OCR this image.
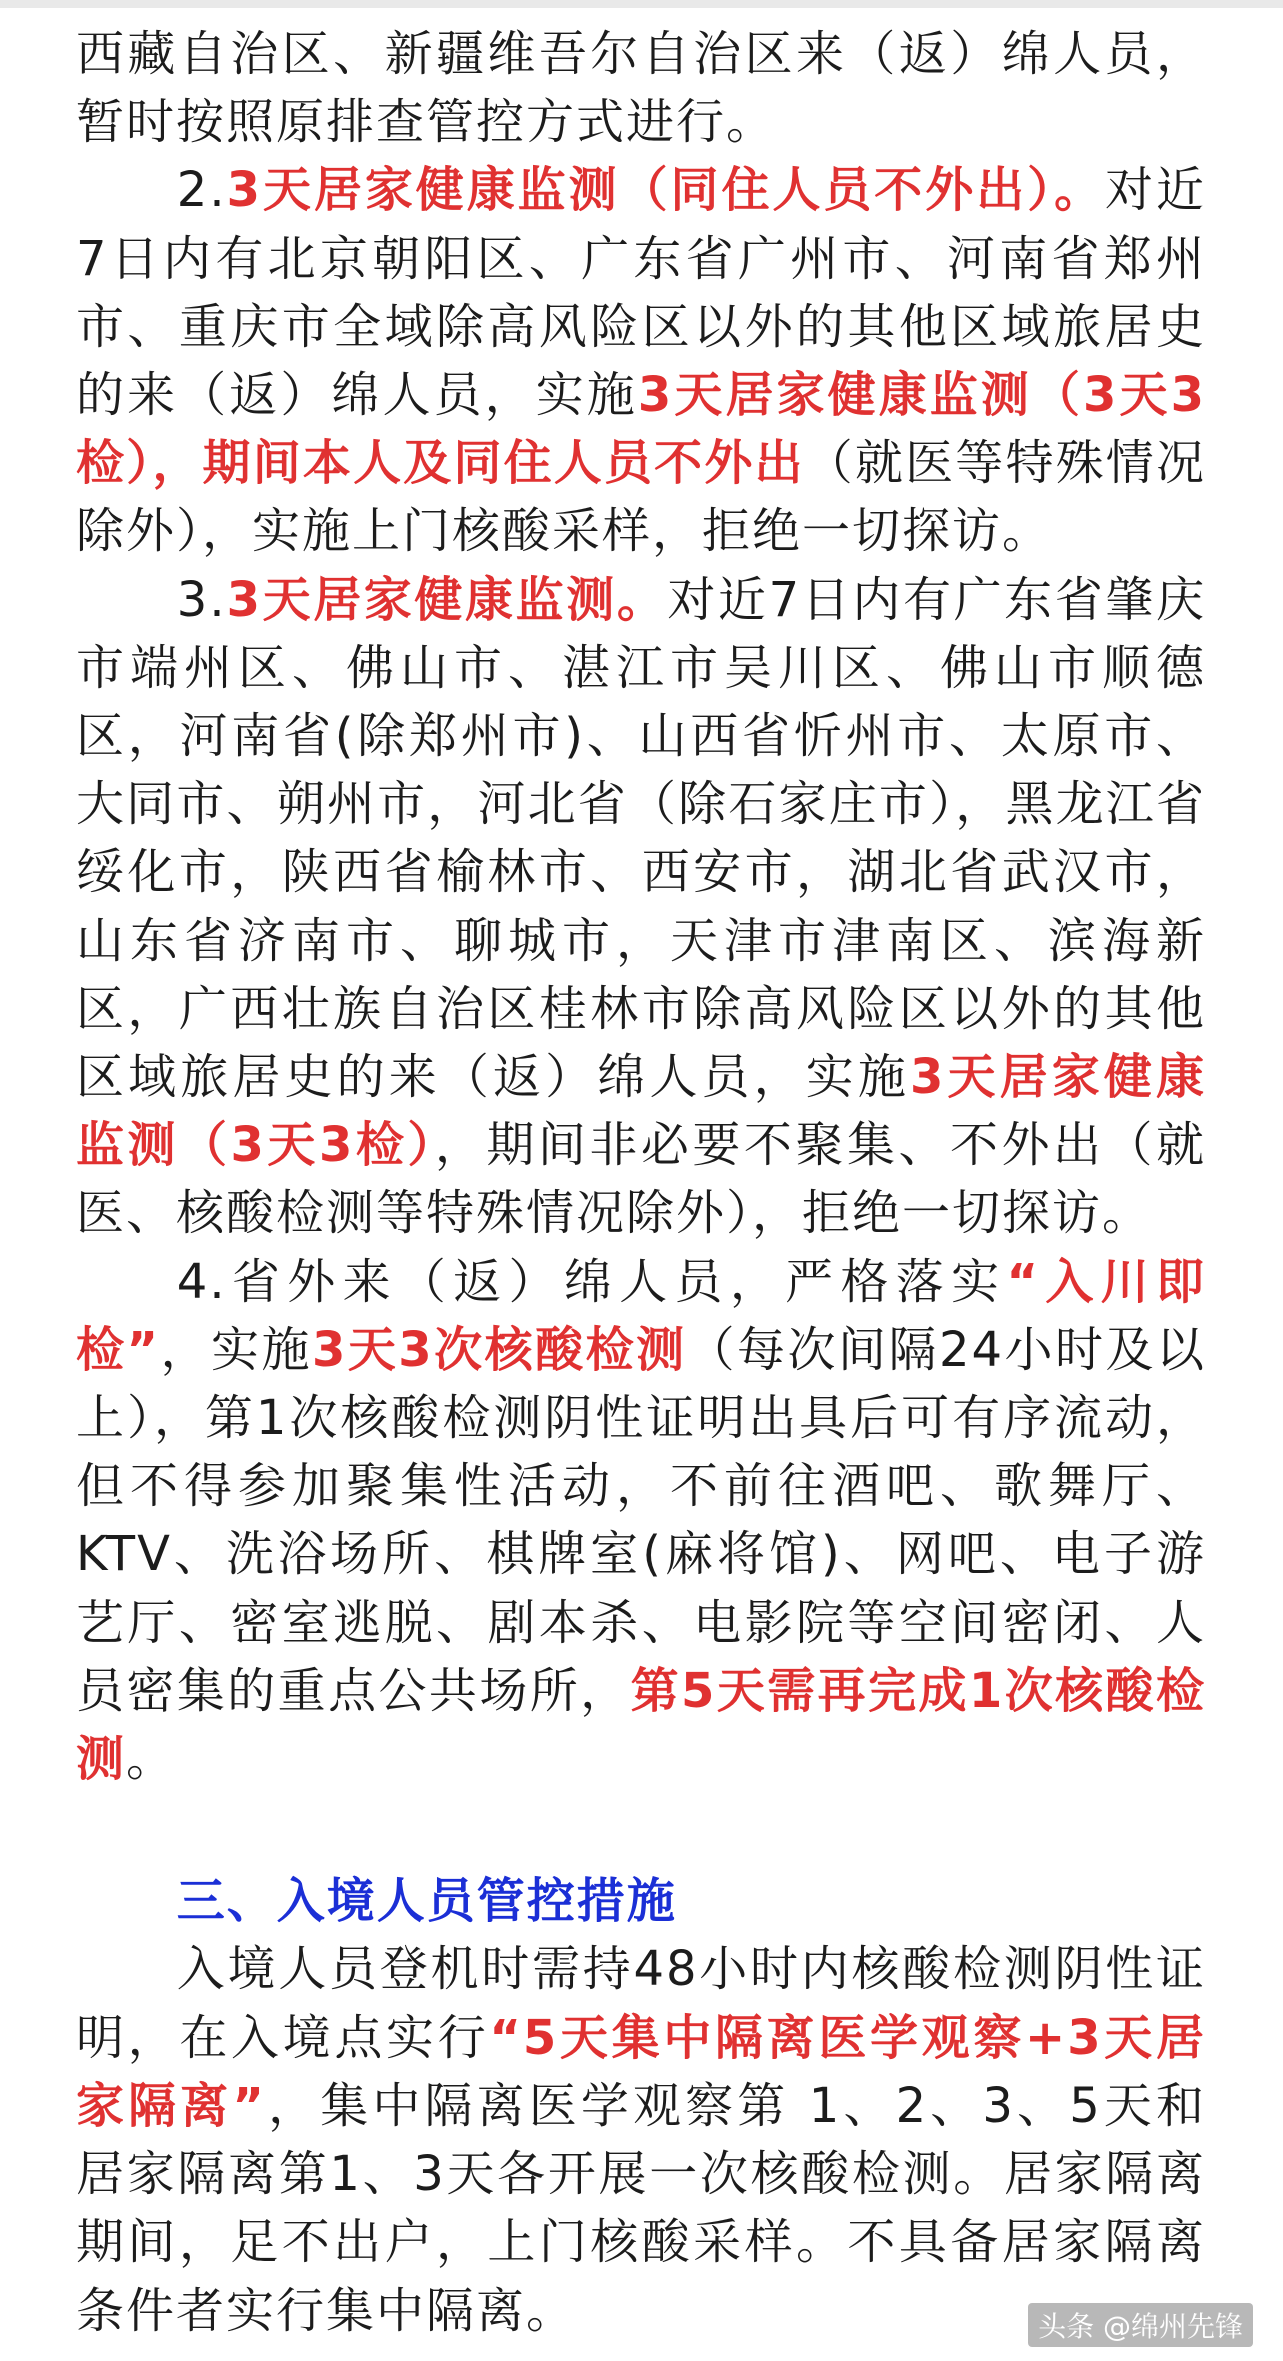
西藏自治区、新疆维吾尔自治区来（返）绵人员，暂时按照原排查管控方式进行。

2.3天居家健康监测（同住人员不外出）。对近7日内有北京朝阳区、广东省广州市、河南省郑州市、重庆市全域除高风险区以外的其他区域旅居史的来（返）绵人员，实施3天居家健康监测（3天3检），期间本人及同住人员不外出（就医等特殊情况除外），实施上门核酸采样，拒绝一切探访。

3.3天居家健康监测。对近7日内有广东省肇庆市端州区、佛山市、湛江市吴川区、佛山市顺德区，河南省(除郑州市)、山西省忻州市、太原市、大同市、朔州市，河北省（除石家庄市），黑龙江省绥化市，陕西省榆林市、西安市，湖北省武汉市，山东省济南市、聊城市，天津市津南区、滨海新区，广西壮族自治区桂林市除高风险区以外的其他区域旅居史的来（返）绵人员，实施3天居家健康监测（3天3检），期间非必要不聚集、不外出（就医、核酸检测等特殊情况除外），拒绝一切探访。

4.省外来（返）绵人员，严格落实“入川即检”，实施3天3次核酸检测（每次间隔24小时及以上），第1次核酸检测阴性证明出具后可有序流动，但不得参加聚集性活动，不前往酒吧、歌舞厅、KTV、洗浴场所、棋牌室(麻将馆)、网吧、电子游艺厅、密室逃脱、剧本杀、电影院等空间密闭、人员密集的重点公共场所，第5天需再完成1次核酸检测。

三、入境人员管控措施

入境人员登机时需持48小时内核酸检测阴性证明，在入境点实行“5天集中隔离医学观察+3天居家隔离”，集中隔离医学观察第 1、2、3、5天和居家隔离第1、3天各开展一次核酸检测。居家隔离期间，足不出户，上门核酸采样。不具备居家隔离条件者实行集中隔离。	头条 @绵州先锋
